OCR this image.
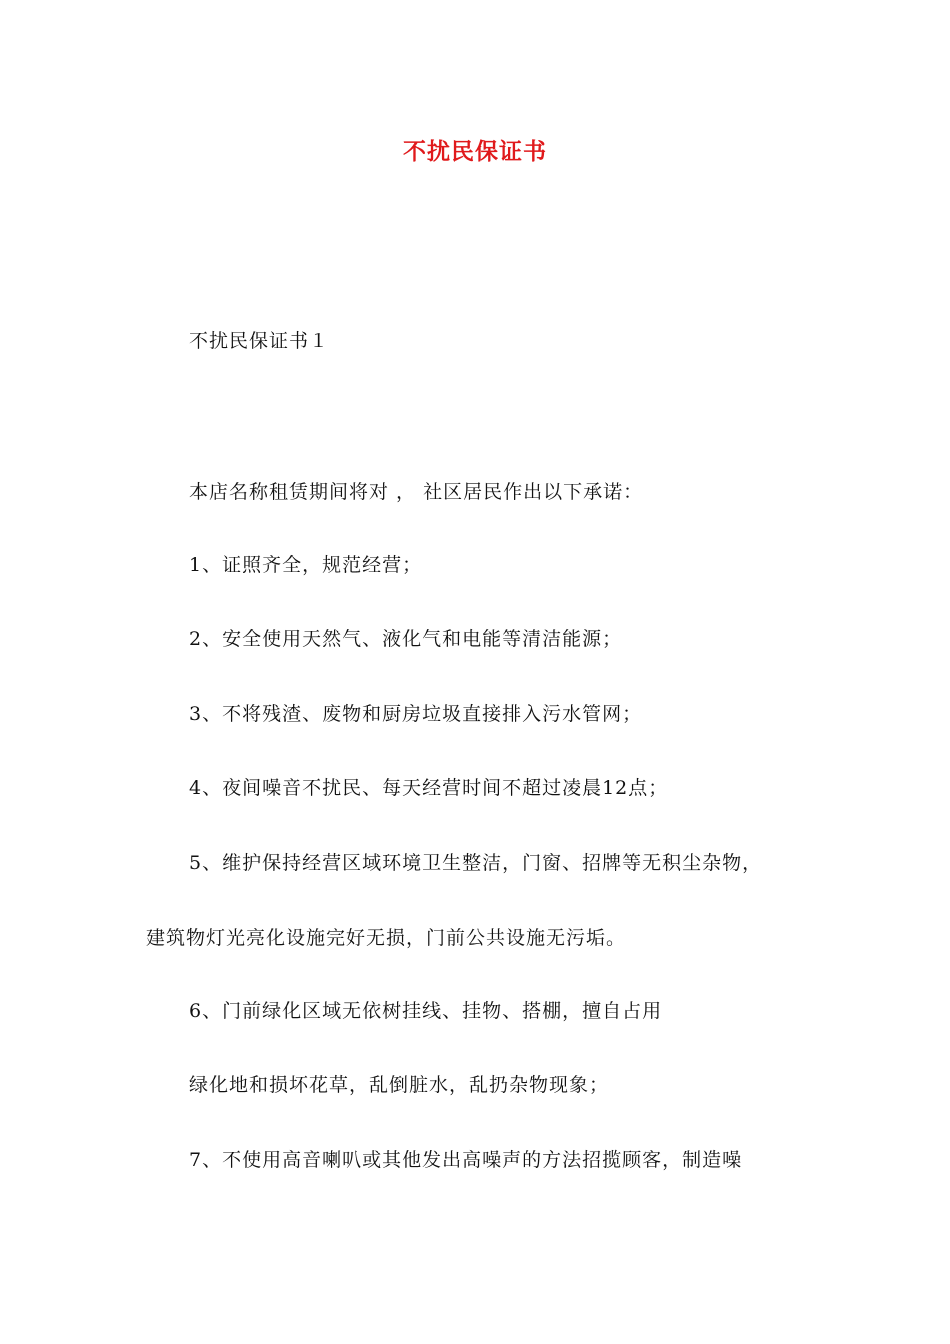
不扰民保证书
不扰民保证书１
本店名称租赁期间将对 ， 社区居民作出以下承诺：
1、证照齐全，规范经营；
2、安全使用天然气、液化气和电能等清洁能源；
3、不将残渣、废物和厨房垃圾直接排入污水管网；
4、夜间噪音不扰民、每天经营时间不超过凌晨12点；
5、维护保持经营区域环境卫生整洁，门窗、招牌等无积尘杂物，
建筑物灯光亮化设施完好无损，门前公共设施无污垢。
6、门前绿化区域无依树挂线、挂物、搭棚，擅自占用
绿化地和损坏花草，乱倒脏水，乱扔杂物现象；
7、不使用高音喇叭或其他发出高噪声的方法招揽顾客，制造噪
